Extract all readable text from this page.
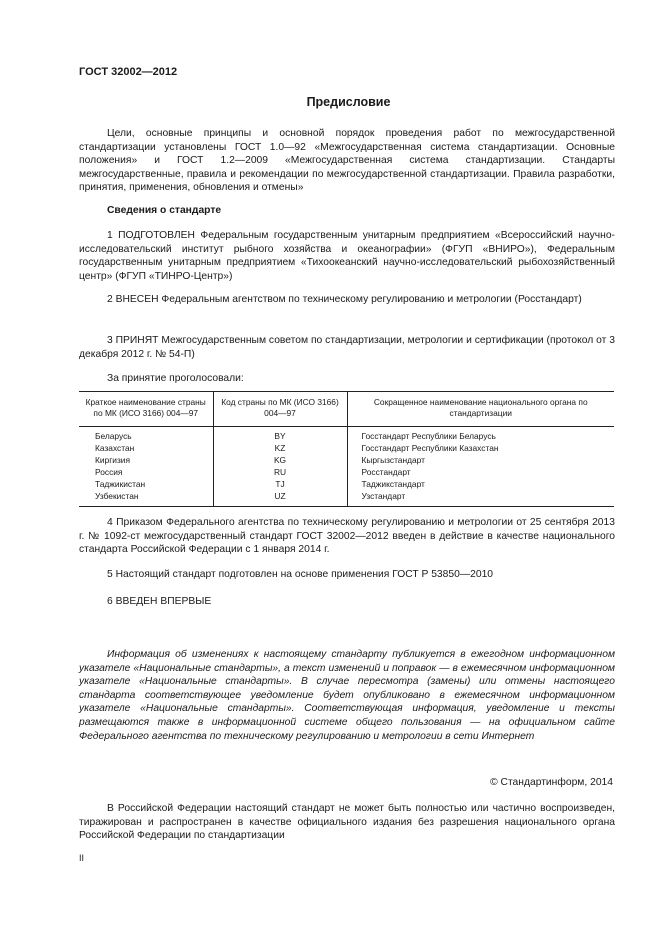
ГОСТ 32002—2012
Предисловие
Цели, основные принципы и основной порядок проведения работ по межгосударственной стандартизации установлены ГОСТ 1.0—92 «Межгосударственная система стандартизации. Основные положения» и ГОСТ 1.2—2009 «Межгосударственная система стандартизации. Стандарты межгосударственные, правила и рекомендации по межгосударственной стандартизации. Правила разработки, принятия, применения, обновления и отмены»
Сведения о стандарте
1 ПОДГОТОВЛЕН Федеральным государственным унитарным предприятием «Всероссийский научно-исследовательский институт рыбного хозяйства и океанографии» (ФГУП «ВНИРО»), Федеральным государственным унитарным предприятием «Тихоокеанский научно-исследовательский рыбохозяйственный центр» (ФГУП «ТИНРО-Центр»)
2 ВНЕСЕН Федеральным агентством по техническому регулированию и метрологии (Росстандарт)
3 ПРИНЯТ Межгосударственным советом по стандартизации, метрологии и сертификации (протокол от 3 декабря 2012 г. № 54-П)
За принятие проголосовали:
Краткое наименование страны по МК (ИСО 3166) 004—97	Код страны по МК (ИСО 3166) 004—97	Сокращенное наименование национального органа по стандартизации
Беларусь	BY	Госстандарт Республики Беларусь
Казахстан	KZ	Госстандарт Республики Казахстан
Киргизия	KG	Кыргызстандарт
Россия	RU	Росстандарт
Таджикистан	TJ	Таджикстандарт
Узбекистан	UZ	Узстандарт
4 Приказом Федерального агентства по техническому регулированию и метрологии от 25 сентября 2013 г. № 1092-ст межгосударственный стандарт ГОСТ 32002—2012 введен в действие в качестве национального стандарта Российской Федерации с 1 января 2014 г.
5 Настоящий стандарт подготовлен на основе применения ГОСТ Р 53850—2010
6 ВВЕДЕН ВПЕРВЫЕ
Информация об изменениях к настоящему стандарту публикуется в ежегодном информационном указателе «Национальные стандарты», а текст изменений и поправок — в ежемесячном информационном указателе «Национальные стандарты». В случае пересмотра (замены) или отмены настоящего стандарта соответствующее уведомление будет опубликовано в ежемесячном информационном указателе «Национальные стандарты». Соответствующая информация, уведомление и тексты размещаются также в информационной системе общего пользования — на официальном сайте Федерального агентства по техническому регулированию и метрологии в сети Интернет
© Стандартинформ, 2014
В Российской Федерации настоящий стандарт не может быть полностью или частично воспроизведен, тиражирован и распространен в качестве официального издания без разрешения национального органа Российской Федерации по стандартизации
II
